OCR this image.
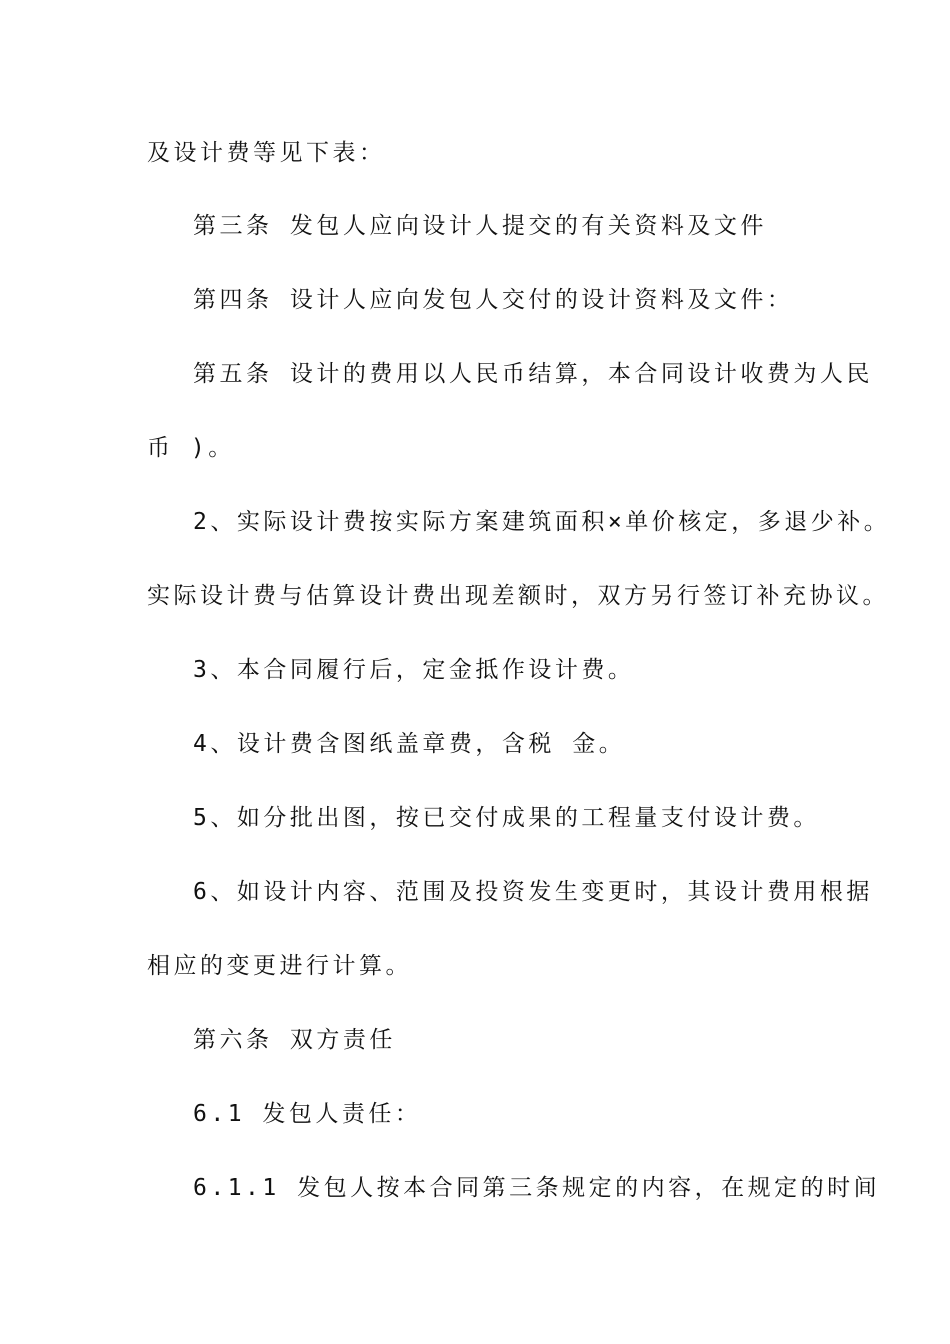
及设计费等见下表：
第三条 发包人应向设计人提交的有关资料及文件
第四条 设计人应向发包人交付的设计资料及文件：
第五条 设计的费用以人民币结算，本合同设计收费为人民
币 )。
2、实际设计费按实际方案建筑面积×单价核定，多退少补。
实际设计费与估算设计费出现差额时，双方另行签订补充协议。
3、本合同履行后，定金抵作设计费。
4、设计费含图纸盖章费，含税 金。
5、如分批出图，按已交付成果的工程量支付设计费。
6、如设计内容、范围及投资发生变更时，其设计费用根据
相应的变更进行计算。
第六条 双方责任
6.1 发包人责任：
6.1.1 发包人按本合同第三条规定的内容，在规定的时间
